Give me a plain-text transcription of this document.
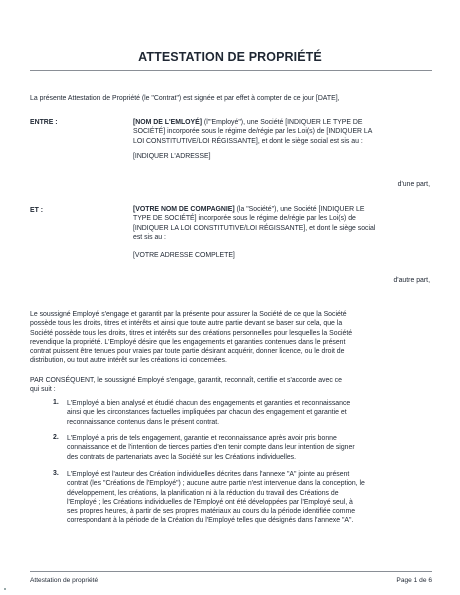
ATTESTATION DE PROPRIÉTÉ
La présente Attestation de Propriété (le "Contrat") est signée et par effet à compter de ce jour [DATE],
ENTRE :	[NOM DE L'EMLOYÉ] (l'"Employé"), une Société [INDIQUER LE TYPE DE
SOCIÉTÉ] incorporée sous le régime de/régie par les Loi(s) de [INDIQUER LA
LOI CONSTITUTIVE/LOI RÉGISSANTE], et dont le siège social est sis au :
[INDIQUER L'ADRESSE]
d'une part,
ET :	[VOTRE NOM DE COMPAGNIE] (la "Société"), une Société [INDIQUER LE
TYPE DE SOCIÉTÉ] incorporée sous le régime de/régie par les Loi(s) de
[INDIQUER LA LOI CONSTITUTIVE/LOI RÉGISSANTE], et dont le siège social
est sis au :
[VOTRE ADRESSE COMPLETE]
d'autre part,
Le soussigné Employé s'engage et garantit par la présente pour assurer la Société de ce que la Société
possède tous les droits, titres et intérêts et ainsi que toute autre partie devant se baser sur cela, que la
Société possède tous les droits, titres et intérêts sur des créations personnelles pour lesquelles la Société
revendique la propriété. L'Employé désire que les engagements et garanties contenues dans le présent
contrat puissent être tenues pour vraies par toute partie désirant acquérir, donner licence, ou le droit de
distribution, ou tout autre intérêt sur les créations ici concernées.
PAR CONSÉQUENT, le soussigné Employé s'engage, garantit, reconnaît, certifie et s'accorde avec ce
qui suit :
1. L'Employé a bien analysé et étudié chacun des engagements et garanties et reconnaissance
ainsi que les circonstances factuelles impliquées par chacun des engagement et garantie et
reconnaissance contenus dans le présent contrat.
2. L'Employé a pris de tels engagement, garantie et reconnaissance après avoir pris bonne
connaissance et de l'intention de tierces parties d'en tenir compte dans leur intention de signer
des contrats de partenariats avec la Société sur les Créations individuelles.
3. L'Employé est l'auteur des Création individuelles décrites dans l'annexe "A" jointe au présent
contrat (les "Créations de l'Employé") ; aucune autre partie n'est intervenue dans la conception, le
développement, les créations, la planification ni à la réduction du travail des Créations de
l'Employé ; les Créations individuelles de l'Employé ont été développées par l'Employé seul, à
ses propres heures, à partir de ses propres matériaux au cours du la période identifiée comme
correspondant à la période de la Création du l'Employé telles que désignés dans l'annexe "A".
Attestation de propriété	Page 1 de 6
